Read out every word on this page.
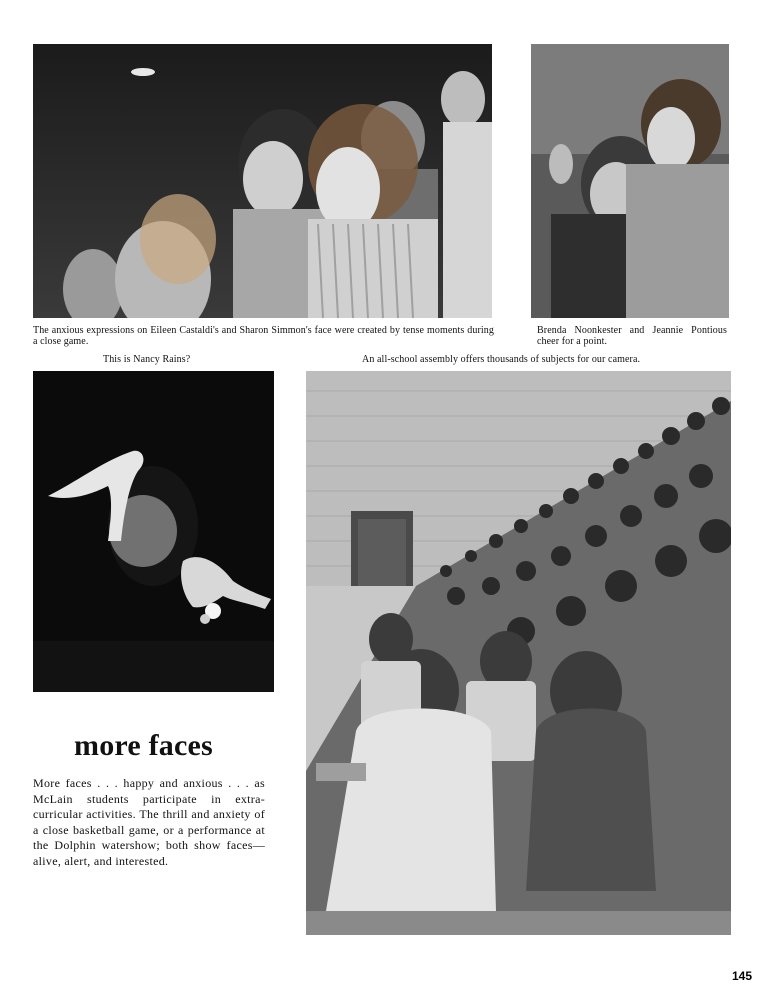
The anxious expressions on Eileen Castaldi's and Sharon Simmon's face were created by tense moments during a close game.
Brenda Noonkester and Jeannie Pontious cheer for a point.
This is Nancy Rains?	An all-school assembly offers thousands of subjects for our camera.
more faces
More faces . . . happy and anxious . . . as McLain students participate in extra-curricular activities. The thrill and anxiety of a close basketball game, or a performance at the Dolphin watershow; both show faces—alive, alert, and interested.
145
